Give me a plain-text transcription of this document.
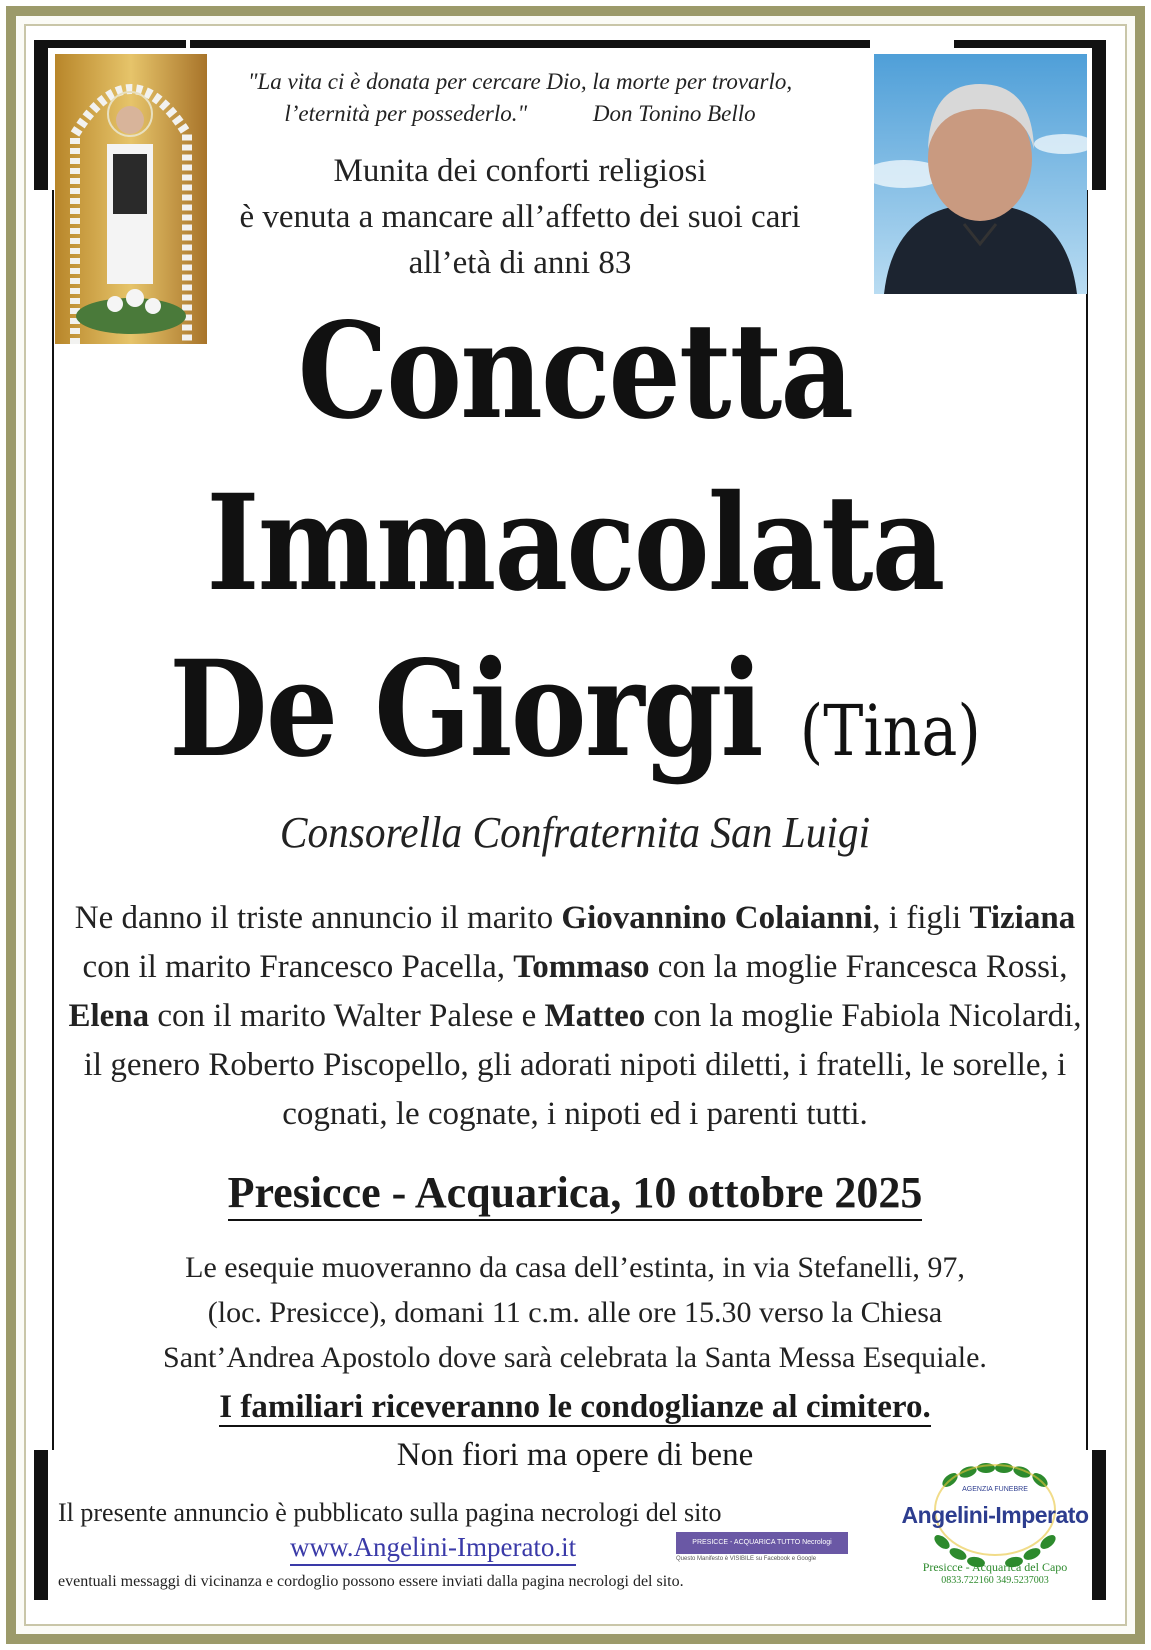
"La vita ci è donata per cercare Dio, la morte per trovarlo,
l’eternità per possederlo."	Don Tonino Bello
Munita dei conforti religiosi
è venuta a mancare all’affetto dei suoi cari
all’età di anni 83
Concetta
Immacolata
De Giorgi (Tina)
Consorella Confraternita San Luigi
Ne danno il triste annuncio il marito Giovannino Colaianni, i figli Tiziana con il marito Francesco Pacella, Tommaso con la moglie Francesca Rossi, Elena con il marito Walter Palese e Matteo con la moglie Fabiola Nicolardi, il genero Roberto Piscopello, gli adorati nipoti diletti, i fratelli, le sorelle, i cognati, le cognate, i nipoti ed i parenti tutti.
Presicce - Acquarica, 10 ottobre 2025
Le esequie muoveranno da casa dell’estinta, in via Stefanelli, 97,
(loc. Presicce), domani 11 c.m. alle ore 15.30 verso la Chiesa
Sant’Andrea Apostolo dove sarà celebrata la Santa Messa Esequiale.
I familiari riceveranno le condoglianze al cimitero.
Non fiori ma opere di bene
Il presente annuncio è pubblicato sulla pagina necrologi del sito
www.Angelini-Imperato.it	PRESICCE - ACQUARICA TUTTO Necrologi
Questo Manifesto è VISIBILE su Facebook e Google
eventuali messaggi di vicinanza e cordoglio possono essere inviati dalla pagina necrologi del sito.
AGENZIA FUNEBRE
Angelini-Imperato
Presicce - Acquarica del Capo
0833.722160 349.5237003
